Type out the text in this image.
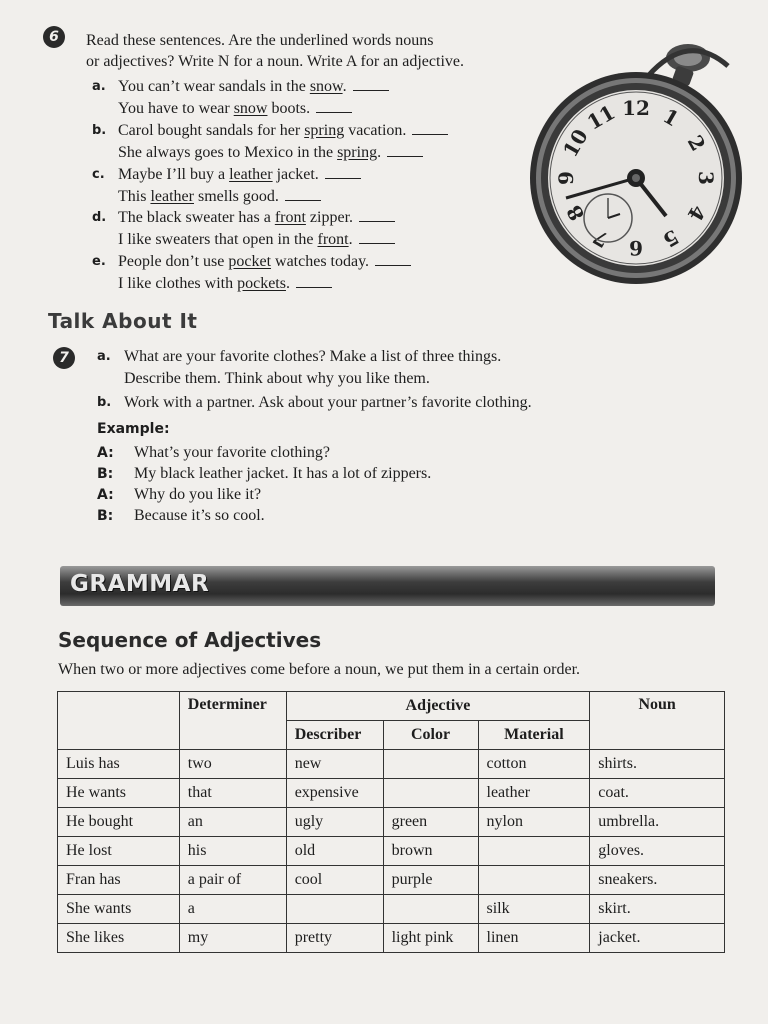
6	Read these sentences. Are the underlined words nouns
or adjectives? Write N for a noun. Write A for an adjective.
a. You can’t wear sandals in the snow.
You have to wear snow boots.
b. Carol bought sandals for her spring vacation.
She always goes to Mexico in the spring.
c. Maybe I’ll buy a leather jacket.
This leather smells good.
d. The black sweater has a front zipper.
I like sweaters that open in the front.
e. People don’t use pocket watches today.
I like clothes with pockets.
12 1
2
3
4
5
6
7
8
9
10
11
Talk About It
7	a. What are your favorite clothes? Make a list of three things.
Describe them. Think about why you like them.
b. Work with a partner. Ask about your partner’s favorite clothing.
Example:
A: What’s your favorite clothing?
B: My black leather jacket. It has a lot of zippers.
A: Why do you like it?
B: Because it’s so cool.
GRAMMAR
Sequence of Adjectives
When two or more adjectives come before a noun, we put them in a certain order.
	Determiner	Adjective			Noun
		Describer	Color	Material	
Luis has	two	new		cotton	shirts.
He wants	that	expensive		leather	coat.
He bought	an	ugly	green	nylon	umbrella.
He lost	his	old	brown		gloves.
Fran has	a pair of	cool	purple		sneakers.
She wants	a			silk	skirt.
She likes	my	pretty	light pink	linen	jacket.
